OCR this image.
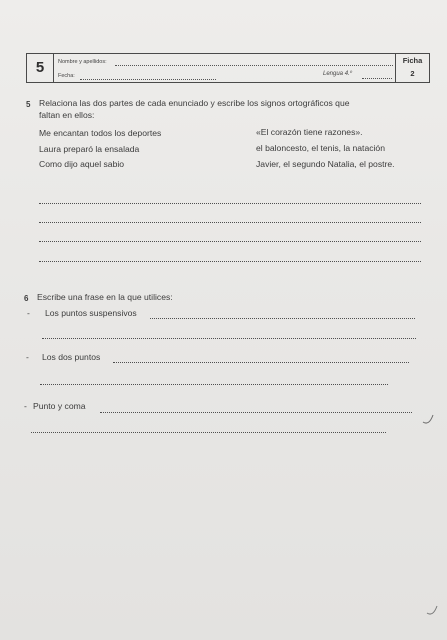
5	Nombre y apellidos:
Fecha:	Lengua 4.º
Ficha
2
5 Relaciona las dos partes de cada enunciado y escribe los signos ortográficos que
faltan en ellos:
Me encantan todos los deportes
Laura preparó la ensalada
Como dijo aquel sabio
«El corazón tiene razones».
el baloncesto, el tenis, la natación
Javier, el segundo Natalia, el postre.
6 Escribe una frase en la que utilices:
- Los puntos suspensivos
- Los dos puntos
- Punto y coma
